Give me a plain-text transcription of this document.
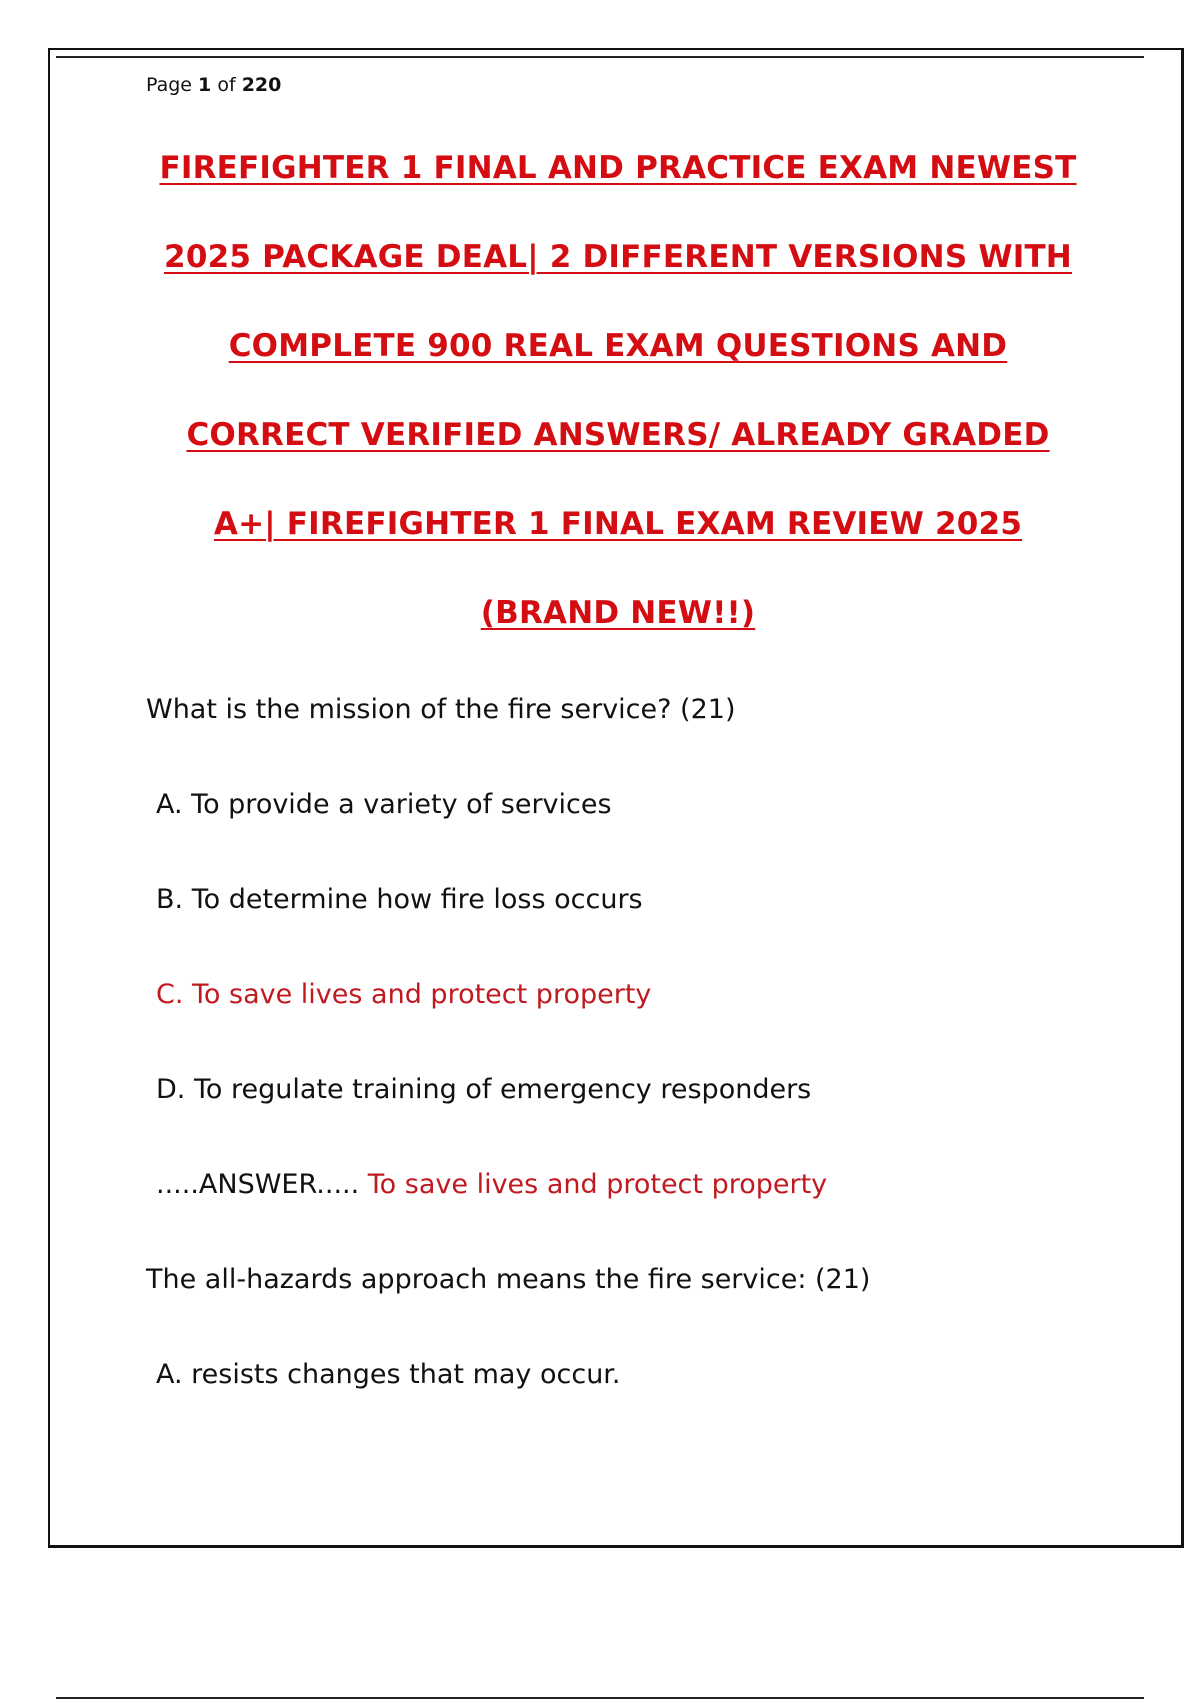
Page 1 of 220
FIREFIGHTER 1 FINAL AND PRACTICE EXAM NEWEST
2025 PACKAGE DEAL| 2 DIFFERENT VERSIONS WITH
COMPLETE 900 REAL EXAM QUESTIONS AND
CORRECT VERIFIED ANSWERS/ ALREADY GRADED
A+| FIREFIGHTER 1 FINAL EXAM REVIEW 2025
(BRAND NEW!!)
What is the mission of the fire service? (21)
A. To provide a variety of services
B. To determine how fire loss occurs
C. To save lives and protect property
D. To regulate training of emergency responders
.....ANSWER..... To save lives and protect property
The all-hazards approach means the fire service: (21)
A. resists changes that may occur.
